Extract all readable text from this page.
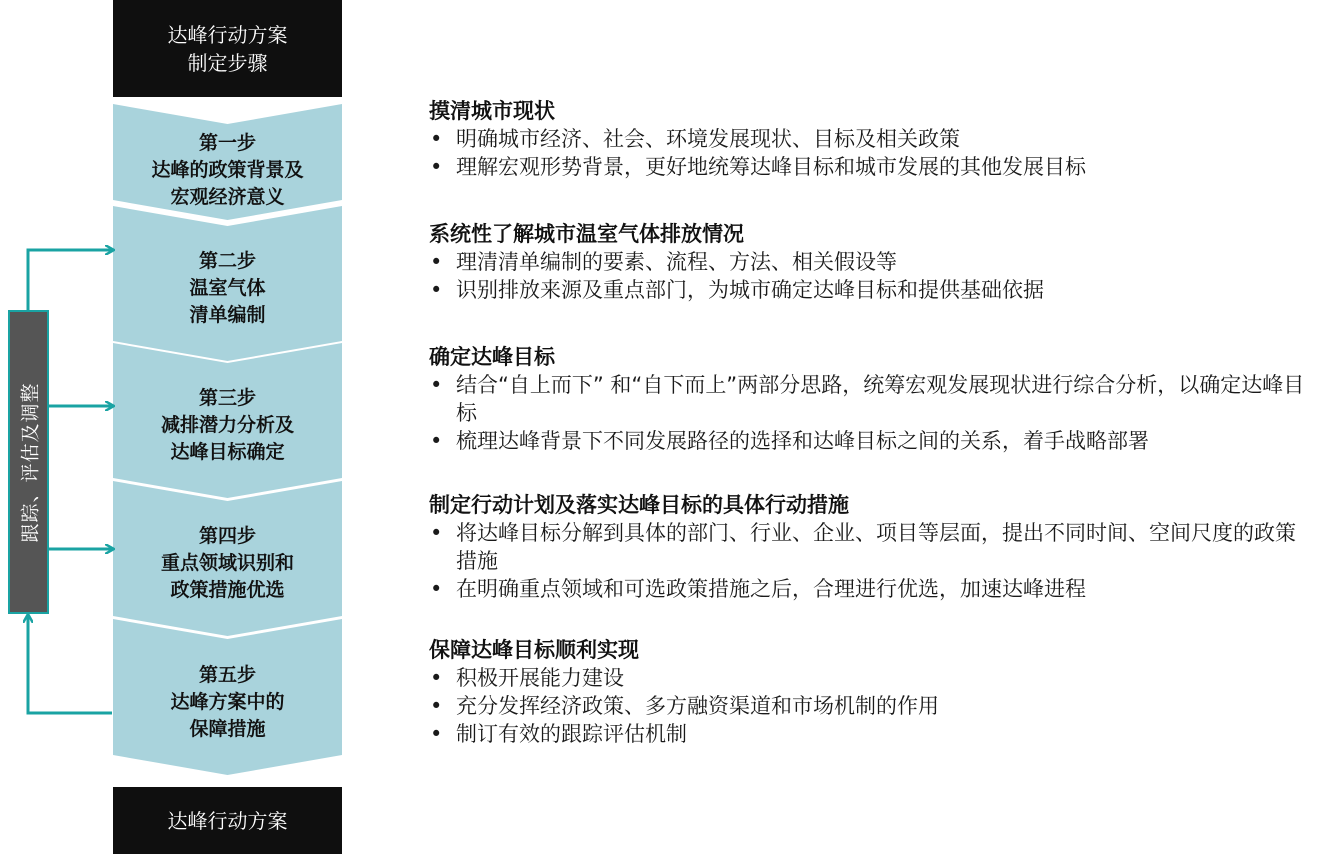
达峰行动方案
制定步骤
第一步
达峰的政策背景及
宏观经济意义
第二步
温室气体
清单编制
第三步
减排潜力分析及
达峰目标确定
第四步
重点领域识别和
政策措施优选
第五步
达峰方案中的
保障措施
达峰行动方案
跟踪、评估及调整
摸清城市现状
• 明确城市经济、社会、环境发展现状、目标及相关政策
• 理解宏观形势背景，更好地统筹达峰目标和城市发展的其他发展目标
系统性了解城市温室气体排放情况
• 理清清单编制的要素、流程、方法、相关假设等
• 识别排放来源及重点部门，为城市确定达峰目标和提供基础依据
确定达峰目标
• 结合“自上而下” 和“自下而上”两部分思路，统筹宏观发展现状进行综合分析，以确定达峰目标
• 梳理达峰背景下不同发展路径的选择和达峰目标之间的关系，着手战略部署
制定行动计划及落实达峰目标的具体行动措施
• 将达峰目标分解到具体的部门、行业、企业、项目等层面，提出不同时间、空间尺度的政策措施
• 在明确重点领域和可选政策措施之后，合理进行优选，加速达峰进程
保障达峰目标顺利实现
• 积极开展能力建设
• 充分发挥经济政策、多方融资渠道和市场机制的作用
• 制订有效的跟踪评估机制
